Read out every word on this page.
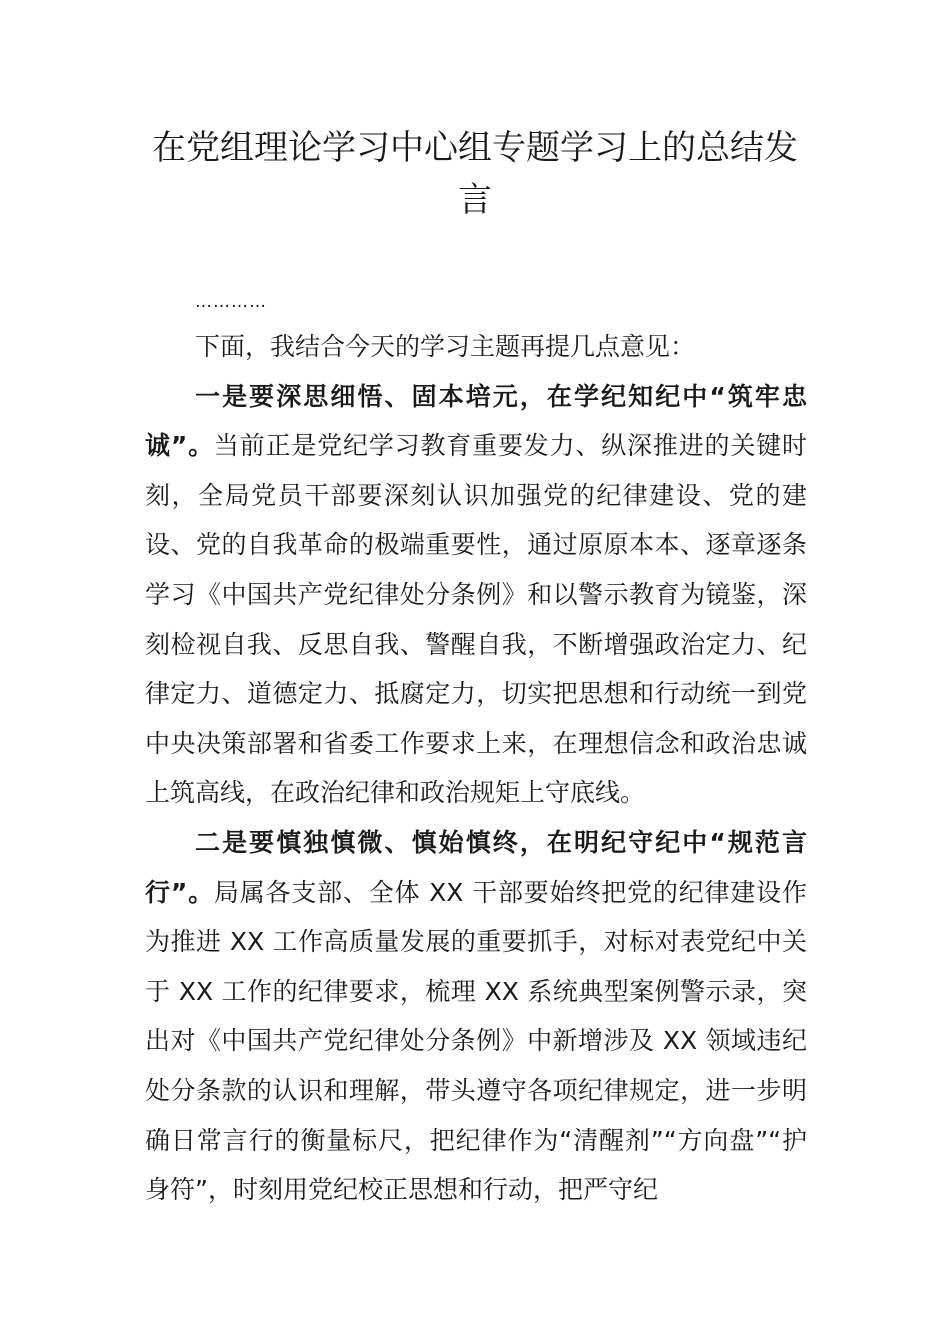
在党组理论学习中心组专题学习上的总结发言

…………

下面，我结合今天的学习主题再提几点意见：

一是要深思细悟、固本培元，在学纪知纪中“筑牢忠诚”。当前正是党纪学习教育重要发力、纵深推进的关键时刻，全局党员干部要深刻认识加强党的纪律建设、党的建设、党的自我革命的极端重要性，通过原原本本、逐章逐条学习《中国共产党纪律处分条例》和以警示教育为镜鉴，深刻检视自我、反思自我、警醒自我，不断增强政治定力、纪律定力、道德定力、抵腐定力，切实把思想和行动统一到党中央决策部署和省委工作要求上来，在理想信念和政治忠诚上筑高线，在政治纪律和政治规矩上守底线。

二是要慎独慎微、慎始慎终，在明纪守纪中“规范言行”。局属各支部、全体 XX 干部要始终把党的纪律建设作为推进 XX 工作高质量发展的重要抓手，对标对表党纪中关于 XX 工作的纪律要求，梳理 XX 系统典型案例警示录，突出对《中国共产党纪律处分条例》中新增涉及 XX 领域违纪处分条款的认识和理解，带头遵守各项纪律规定，进一步明确日常言行的衡量标尺，把纪律作为“清醒剂”“方向盘”“护身符”，时刻用党纪校正思想和行动，把严守纪
